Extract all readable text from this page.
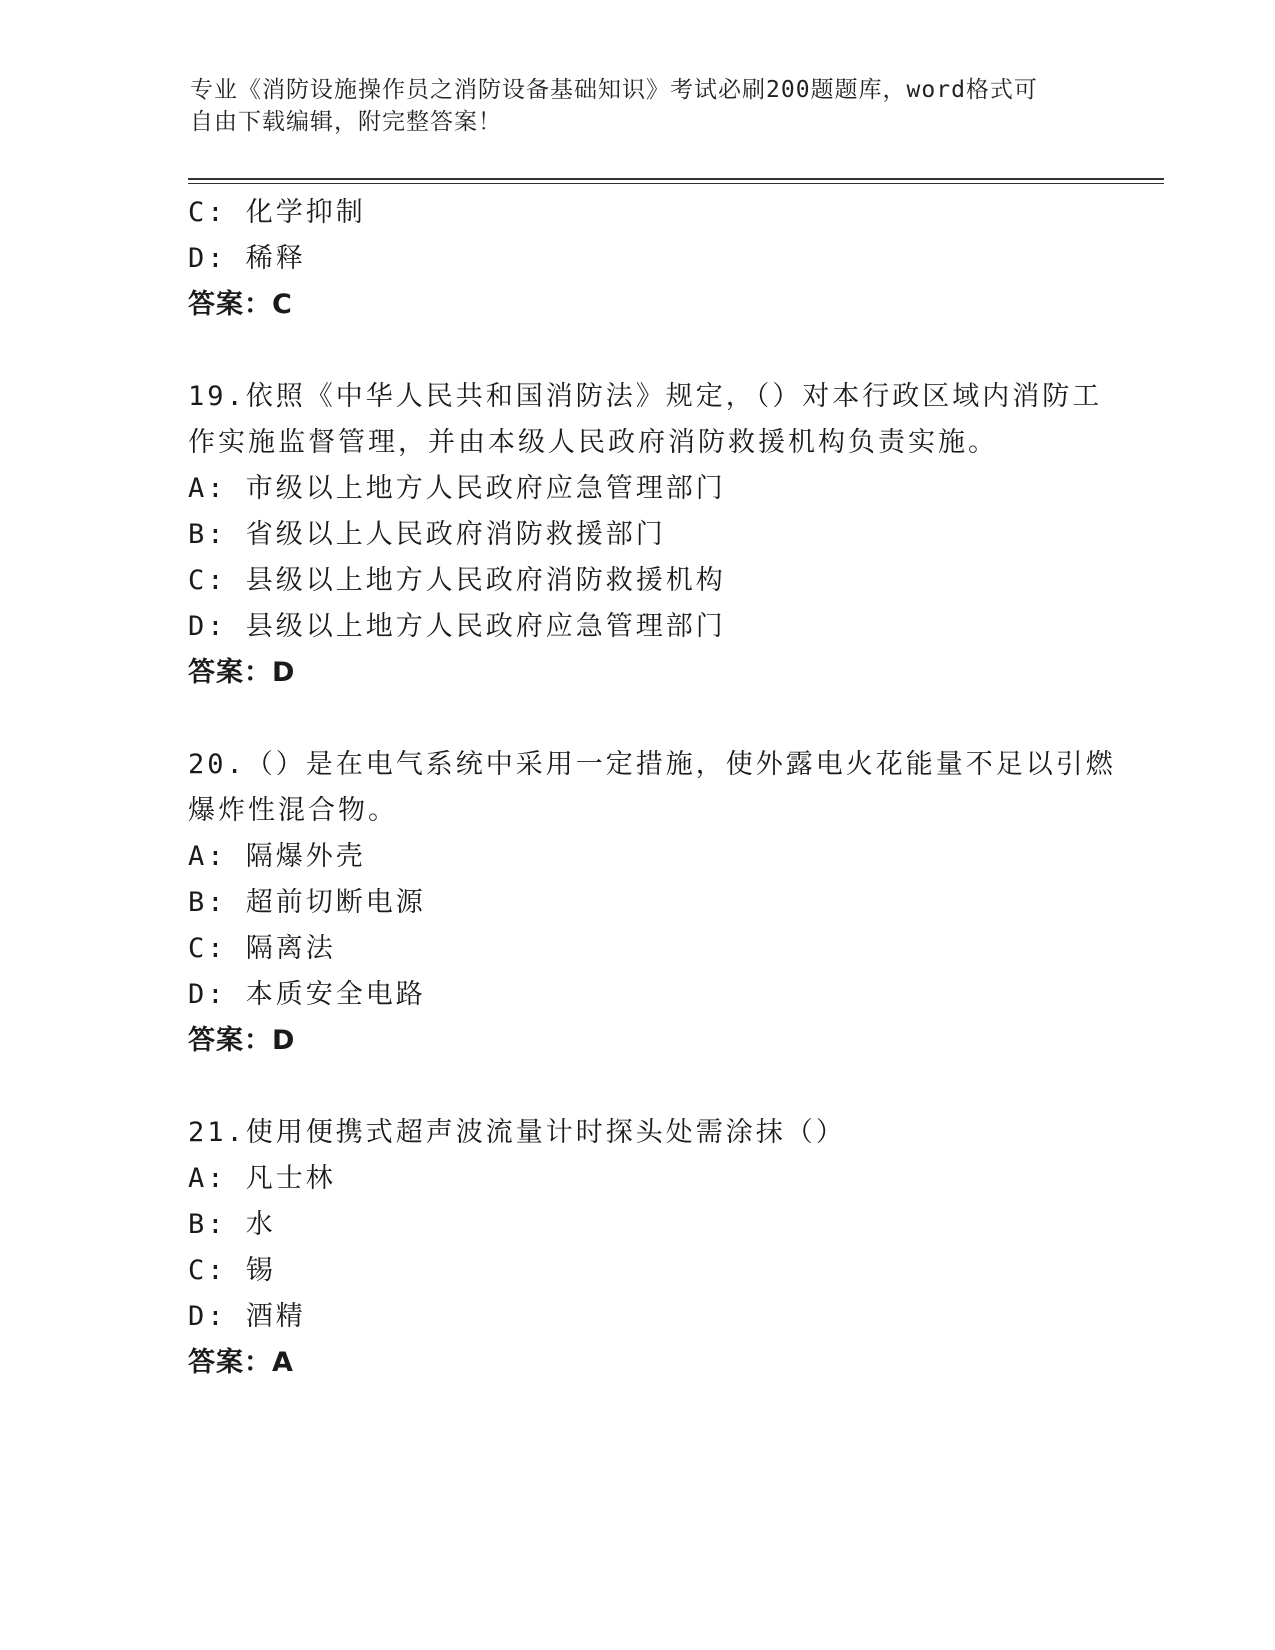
专业《消防设施操作员之消防设备基础知识》考试必刷200题题库，word格式可
自由下载编辑，附完整答案！
C: 化学抑制
D: 稀释
答案：C
19.依照《中华人民共和国消防法》规定，（）对本行政区域内消防工
作实施监督管理，并由本级人民政府消防救援机构负责实施。
A: 市级以上地方人民政府应急管理部门
B: 省级以上人民政府消防救援部门
C: 县级以上地方人民政府消防救援机构
D: 县级以上地方人民政府应急管理部门
答案：D
20.（）是在电气系统中采用一定措施，使外露电火花能量不足以引燃
爆炸性混合物。
A: 隔爆外壳
B: 超前切断电源
C: 隔离法
D: 本质安全电路
答案：D
21.使用便携式超声波流量计时探头处需涂抹（）
A: 凡士林
B: 水
C: 锡
D: 酒精
答案：A
